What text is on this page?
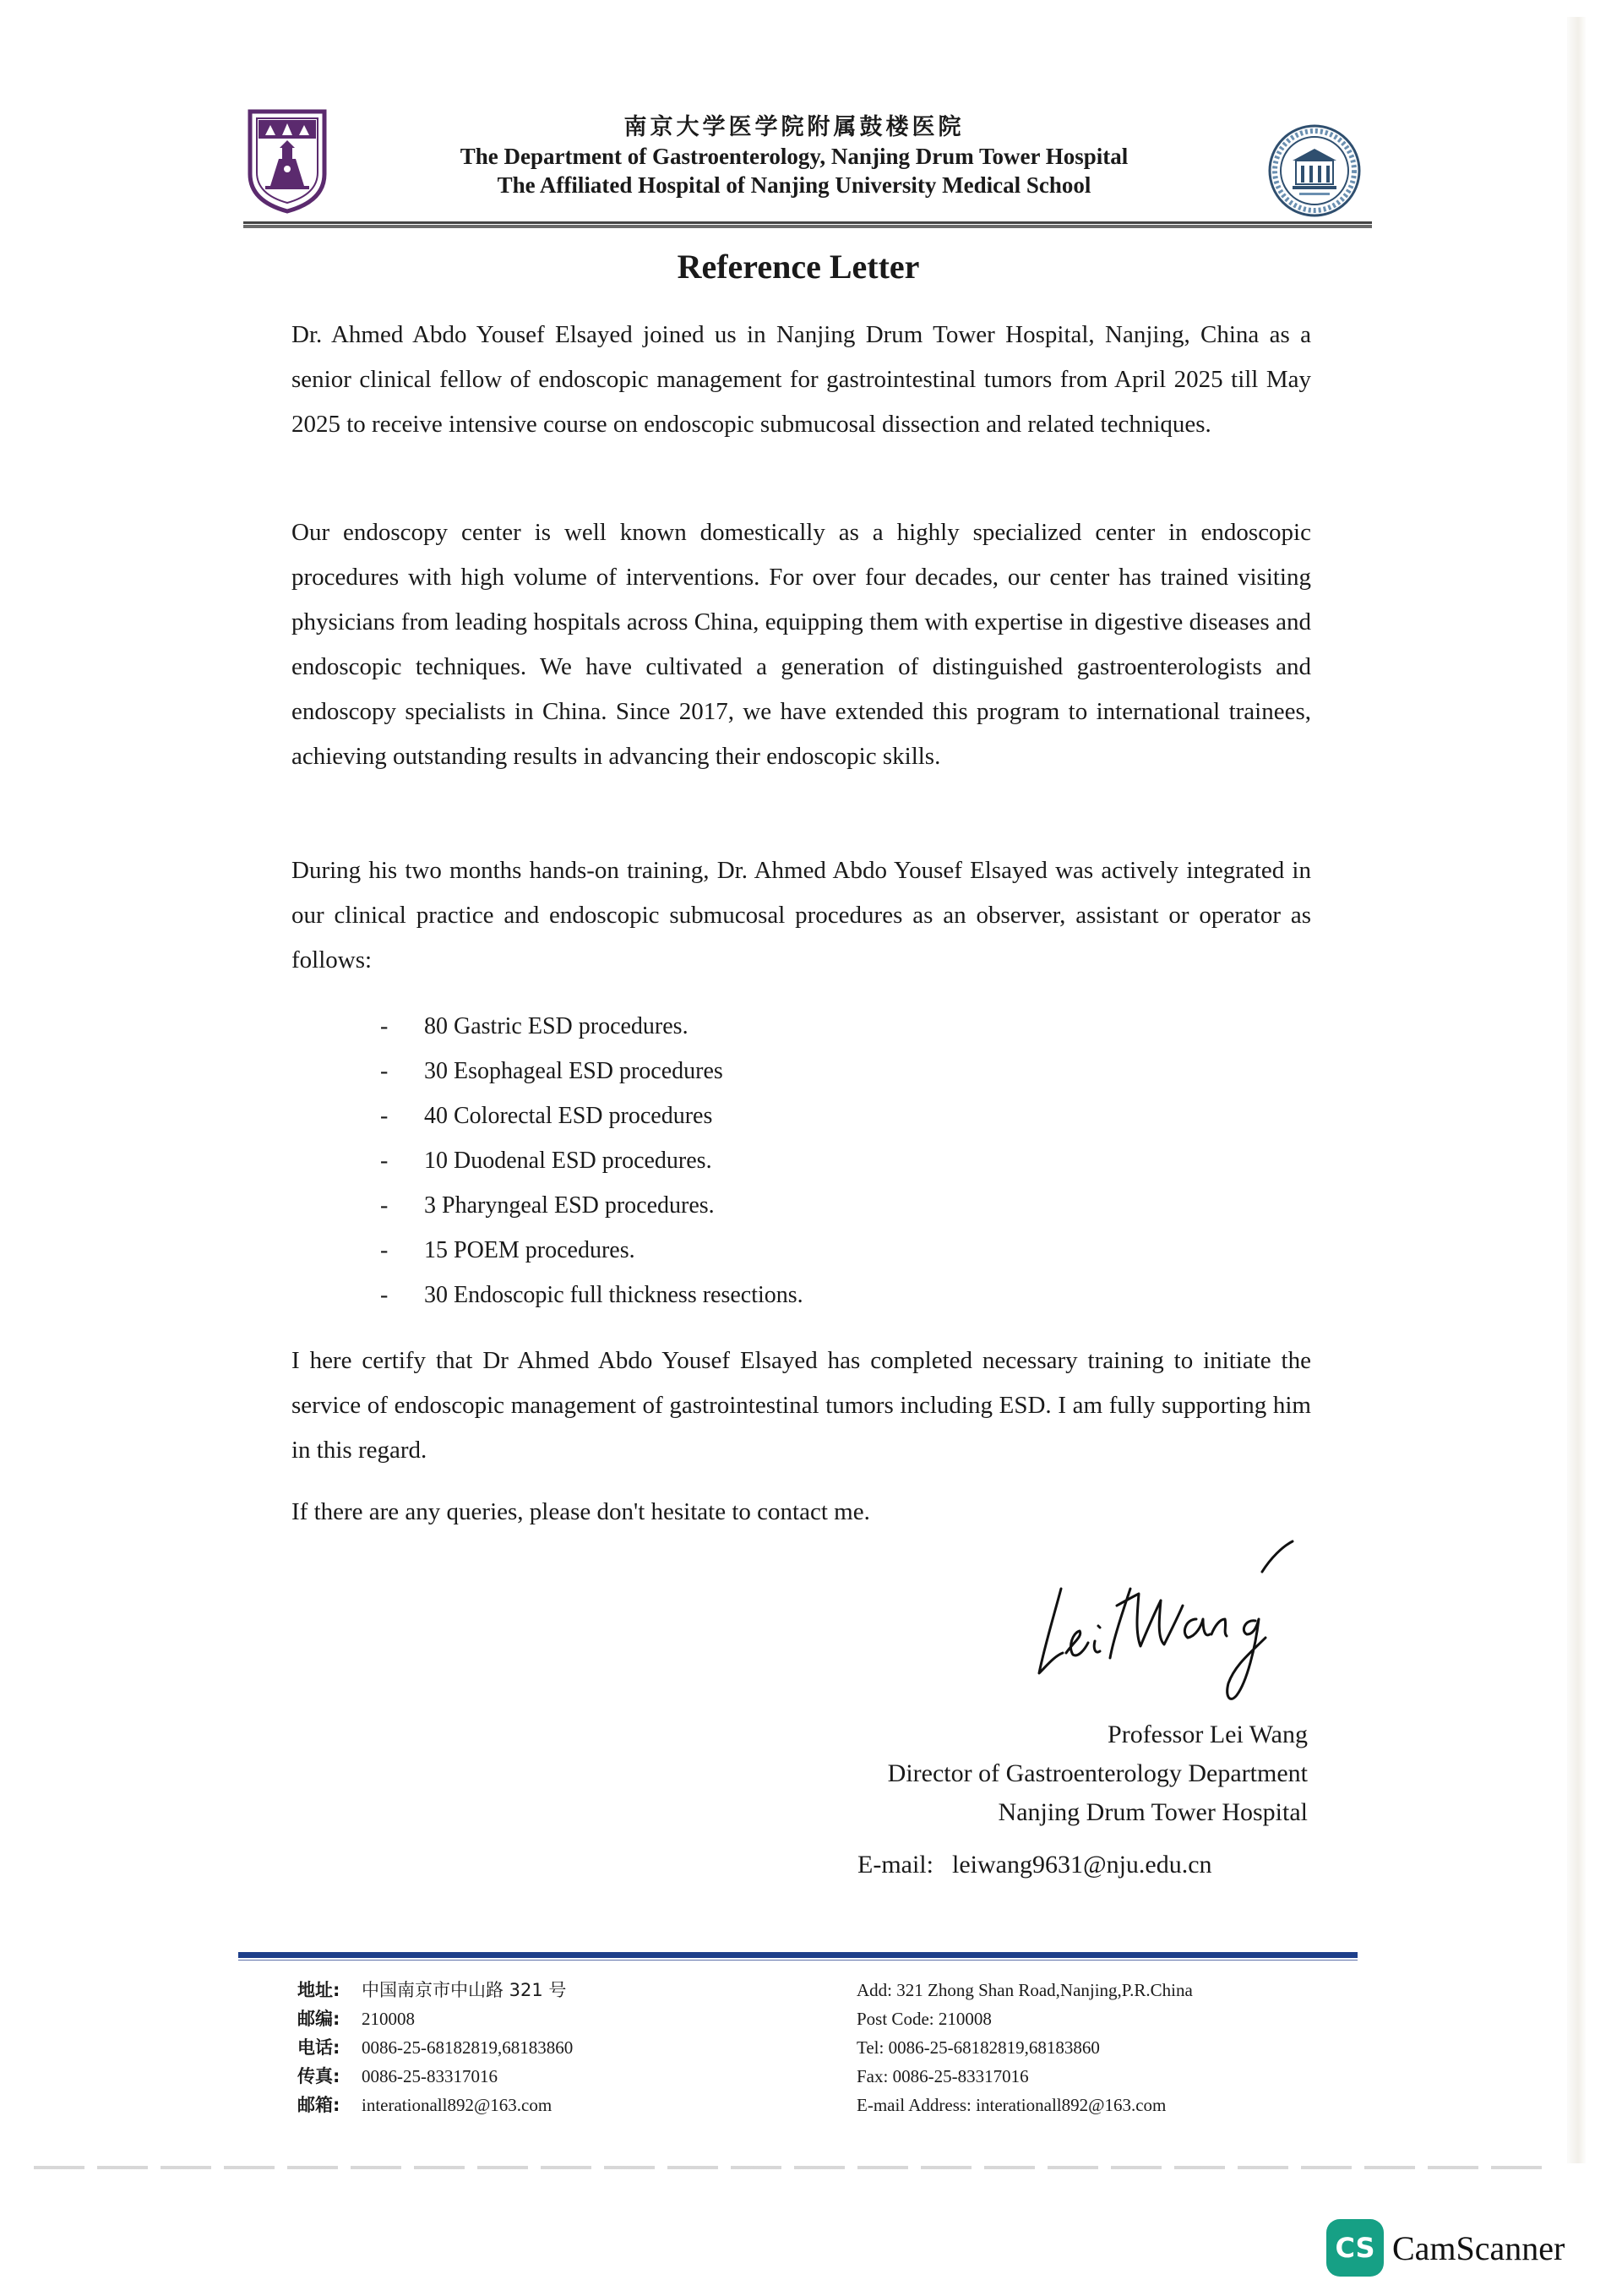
南京大学医学院附属鼓楼医院
The Department of Gastroenterology, Nanjing Drum Tower Hospital
The Affiliated Hospital of Nanjing University Medical School
Reference Letter
Dr. Ahmed Abdo Yousef Elsayed joined us in Nanjing Drum Tower Hospital, Nanjing, China as a senior clinical fellow of endoscopic management for gastrointestinal tumors from April 2025 till May 2025 to receive intensive course on endoscopic submucosal dissection and related techniques.
Our endoscopy center is well known domestically as a highly specialized center in endoscopic procedures with high volume of interventions. For over four decades, our center has trained visiting physicians from leading hospitals across China, equipping them with expertise in digestive diseases and endoscopic techniques. We have cultivated a generation of distinguished gastroenterologists and endoscopy specialists in China. Since 2017, we have extended this program to international trainees, achieving outstanding results in advancing their endoscopic skills.
During his two months hands-on training, Dr. Ahmed Abdo Yousef Elsayed was actively integrated in our clinical practice and endoscopic submucosal procedures as an observer, assistant or operator as follows:
- 80 Gastric ESD procedures.
- 30 Esophageal ESD procedures
- 40 Colorectal ESD procedures
- 10 Duodenal ESD procedures.
- 3 Pharyngeal ESD procedures.
- 15 POEM procedures.
- 30 Endoscopic full thickness resections.
I here certify that Dr Ahmed Abdo Yousef Elsayed has completed necessary training to initiate the service of endoscopic management of gastrointestinal tumors including ESD. I am fully supporting him in this regard.
If there are any queries, please don't hesitate to contact me.
Professor Lei Wang
Director of Gastroenterology Department
Nanjing Drum Tower Hospital
E-mail: leiwang9631@nju.edu.cn
地址: 中国南京市中山路 321 号
邮编: 210008
电话: 0086-25-68182819,68183860
传真: 0086-25-83317016
邮箱: interationall892@163.com
Add: 321 Zhong Shan Road,Nanjing,P.R.China
Post Code: 210008
Tel: 0086-25-68182819,68183860
Fax: 0086-25-83317016
E-mail Address: interationall892@163.com
CS CamScanner
